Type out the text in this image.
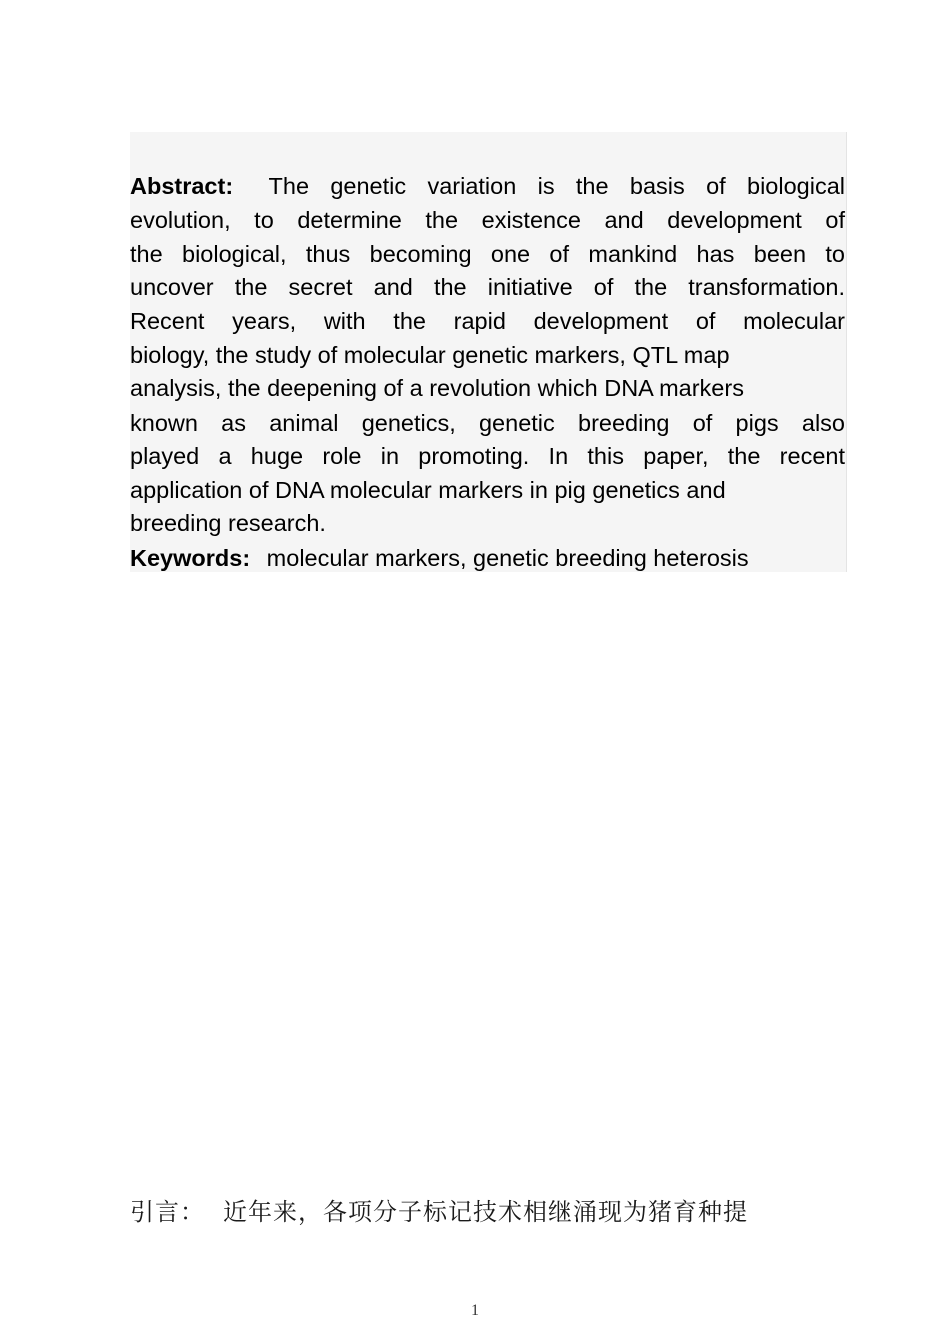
Abstract: The genetic variation is the basis of biological
evolution, to determine the existence and development of
the biological, thus becoming one of mankind has been to
uncover the secret and the initiative of the transformation.
Recent years, with the rapid development of molecular
biology, the study of molecular genetic markers, QTL map
analysis, the deepening of a revolution which DNA markers
known as animal genetics, genetic breeding of pigs also
played a huge role in promoting. In this paper, the recent
application of DNA molecular markers in pig genetics and
breeding research.
Keywords: molecular markers, genetic breeding heterosis
引言： 近年来，各项分子标记技术相继涌现为猪育种提
1
